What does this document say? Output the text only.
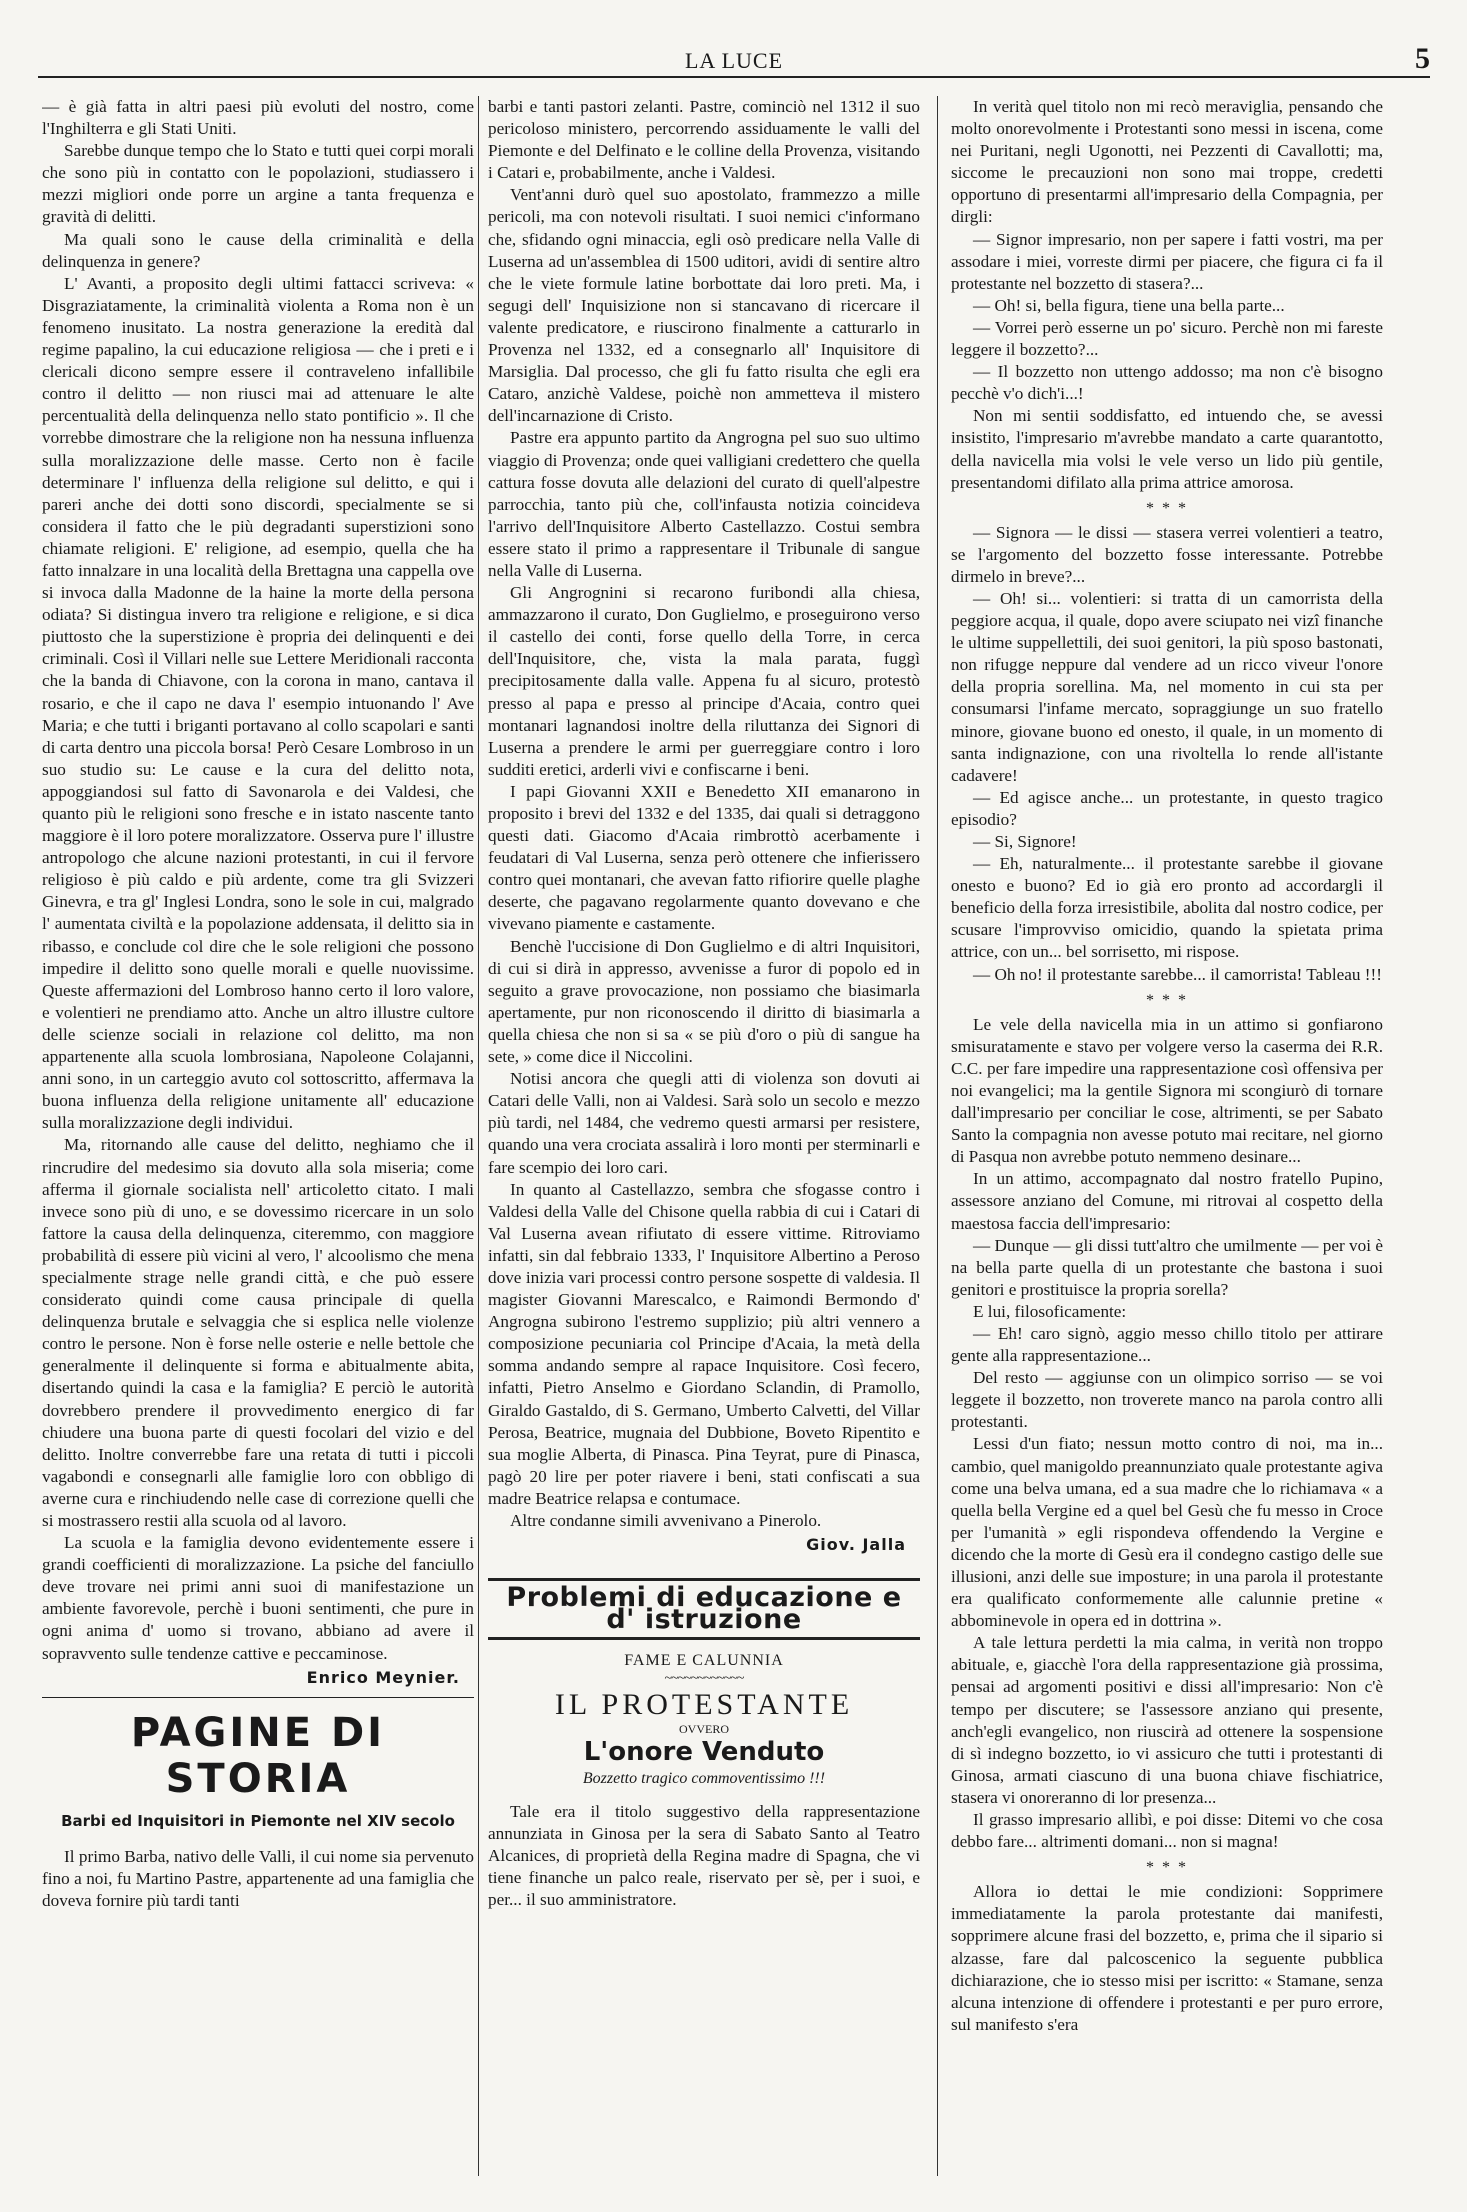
LA LUCE	5

— è già fatta in altri paesi più evoluti del nostro, come l'Inghilterra e gli Stati Uniti.

Sarebbe dunque tempo che lo Stato e tutti quei corpi morali che sono più in contatto con le popolazioni, studiassero i mezzi migliori onde porre un argine a tanta frequenza e gravità di delitti.

Ma quali sono le cause della criminalità e della delinquenza in genere?

L' Avanti, a proposito degli ultimi fattacci scriveva: « Disgraziatamente, la criminalità violenta a Roma non è un fenomeno inusitato. La nostra generazione la eredità dal regime papalino, la cui educazione religiosa — che i preti e i clericali dicono sempre essere il contraveleno infallibile contro il delitto — non riusci mai ad attenuare le alte percentualità della delinquenza nello stato pontificio ». Il che vorrebbe dimostrare che la religione non ha nessuna influenza sulla moralizzazione delle masse. Certo non è facile determinare l' influenza della religione sul delitto, e qui i pareri anche dei dotti sono discordi, specialmente se si considera il fatto che le più degradanti superstizioni sono chiamate religioni. E' religione, ad esempio, quella che ha fatto innalzare in una località della Brettagna una cappella ove si invoca dalla Madonne de la haine la morte della persona odiata? Si distingua invero tra religione e religione, e si dica piuttosto che la superstizione è propria dei delinquenti e dei criminali. Così il Villari nelle sue Lettere Meridionali racconta che la banda di Chiavone, con la corona in mano, cantava il rosario, e che il capo ne dava l' esempio intuonando l' Ave Maria; e che tutti i briganti portavano al collo scapolari e santi di carta dentro una piccola borsa! Però Cesare Lombroso in un suo studio su: Le cause e la cura del delitto nota, appoggiandosi sul fatto di Savonarola e dei Valdesi, che quanto più le religioni sono fresche e in istato nascente tanto maggiore è il loro potere moralizzatore. Osserva pure l' illustre antropologo che alcune nazioni protestanti, in cui il fervore religioso è più caldo e più ardente, come tra gli Svizzeri Ginevra, e tra gl' Inglesi Londra, sono le sole in cui, malgrado l' aumentata civiltà e la popolazione addensata, il delitto sia in ribasso, e conclude col dire che le sole religioni che possono impedire il delitto sono quelle morali e quelle nuovissime. Queste affermazioni del Lombroso hanno certo il loro valore, e volentieri ne prendiamo atto. Anche un altro illustre cultore delle scienze sociali in relazione col delitto, ma non appartenente alla scuola lombrosiana, Napoleone Colajanni, anni sono, in un carteggio avuto col sottoscritto, affermava la buona influenza della religione unitamente all' educazione sulla moralizzazione degli individui.

Ma, ritornando alle cause del delitto, neghiamo che il rincrudire del medesimo sia dovuto alla sola miseria; come afferma il giornale socialista nell' articoletto citato. I mali invece sono più di uno, e se dovessimo ricercare in un solo fattore la causa della delinquenza, citeremmo, con maggiore probabilità di essere più vicini al vero, l' alcoolismo che mena specialmente strage nelle grandi città, e che può essere considerato quindi come causa principale di quella delinquenza brutale e selvaggia che si esplica nelle violenze contro le persone. Non è forse nelle osterie e nelle bettole che generalmente il delinquente si forma e abitualmente abita, disertando quindi la casa e la famiglia? E perciò le autorità dovrebbero prendere il provvedimento energico di far chiudere una buona parte di questi focolari del vizio e del delitto. Inoltre converrebbe fare una retata di tutti i piccoli vagabondi e consegnarli alle famiglie loro con obbligo di averne cura e rinchiudendo nelle case di correzione quelli che si mostrassero restii alla scuola od al lavoro.

La scuola e la famiglia devono evidentemente essere i grandi coefficienti di moralizzazione. La psiche del fanciullo deve trovare nei primi anni suoi di manifestazione un ambiente favorevole, perchè i buoni sentimenti, che pure in ogni anima d' uomo si trovano, abbiano ad avere il sopravvento sulle tendenze cattive e peccaminose.

Enrico Meynier.
PAGINE DI STORIA
Barbi ed Inquisitori in Piemonte nel XIV secolo

Il primo Barba, nativo delle Valli, il cui nome sia pervenuto fino a noi, fu Martino Pastre, appartenente ad una famiglia che doveva fornire più tardi tanti

barbi e tanti pastori zelanti. Pastre, cominciò nel 1312 il suo pericoloso ministero, percorrendo assiduamente le valli del Piemonte e del Delfinato e le colline della Provenza, visitando i Catari e, probabilmente, anche i Valdesi.

Vent'anni durò quel suo apostolato, frammezzo a mille pericoli, ma con notevoli risultati. I suoi nemici c'informano che, sfidando ogni minaccia, egli osò predicare nella Valle di Luserna ad un'assemblea di 1500 uditori, avidi di sentire altro che le viete formule latine borbottate dai loro preti. Ma, i segugi dell' Inquisizione non si stancavano di ricercare il valente predicatore, e riuscirono finalmente a catturarlo in Provenza nel 1332, ed a consegnarlo all' Inquisitore di Marsiglia. Dal processo, che gli fu fatto risulta che egli era Cataro, anzichè Valdese, poichè non ammetteva il mistero dell'incarnazione di Cristo.

Pastre era appunto partito da Angrogna pel suo suo ultimo viaggio di Provenza; onde quei valligiani credettero che quella cattura fosse dovuta alle delazioni del curato di quell'alpestre parrocchia, tanto più che, coll'infausta notizia coincideva l'arrivo dell'Inquisitore Alberto Castellazzo. Costui sembra essere stato il primo a rappresentare il Tribunale di sangue nella Valle di Luserna.

Gli Angrognini si recarono furibondi alla chiesa, ammazzarono il curato, Don Guglielmo, e proseguirono verso il castello dei conti, forse quello della Torre, in cerca dell'Inquisitore, che, vista la mala parata, fuggì precipitosamente dalla valle. Appena fu al sicuro, protestò presso al papa e presso al principe d'Acaia, contro quei montanari lagnandosi inoltre della riluttanza dei Signori di Luserna a prendere le armi per guerreggiare contro i loro sudditi eretici, arderli vivi e confiscarne i beni.

I papi Giovanni XXII e Benedetto XII emanarono in proposito i brevi del 1332 e del 1335, dai quali si detraggono questi dati. Giacomo d'Acaia rimbrottò acerbamente i feudatari di Val Luserna, senza però ottenere che infierissero contro quei montanari, che avevan fatto rifiorire quelle plaghe deserte, che pagavano regolarmente quanto dovevano e che vivevano piamente e castamente.

Benchè l'uccisione di Don Guglielmo e di altri Inquisitori, di cui si dirà in appresso, avvenisse a furor di popolo ed in seguito a grave provocazione, non possiamo che biasimarla apertamente, pur non riconoscendo il diritto di biasimarla a quella chiesa che non si sa « se più d'oro o più di sangue ha sete, » come dice il Niccolini.

Notisi ancora che quegli atti di violenza son dovuti ai Catari delle Valli, non ai Valdesi. Sarà solo un secolo e mezzo più tardi, nel 1484, che vedremo questi armarsi per resistere, quando una vera crociata assalirà i loro monti per sterminarli e fare scempio dei loro cari.

In quanto al Castellazzo, sembra che sfogasse contro i Valdesi della Valle del Chisone quella rabbia di cui i Catari di Val Luserna avean rifiutato di essere vittime. Ritroviamo infatti, sin dal febbraio 1333, l' Inquisitore Albertino a Peroso dove inizia vari processi contro persone sospette di valdesia. Il magister Giovanni Marescalco, e Raimondi Bermondo d' Angrogna subirono l'estremo supplizio; più altri vennero a composizione pecuniaria col Principe d'Acaia, la metà della somma andando sempre al rapace Inquisitore. Così fecero, infatti, Pietro Anselmo e Giordano Sclandin, di Pramollo, Giraldo Gastaldo, di S. Germano, Umberto Calvetti, del Villar Perosa, Beatrice, mugnaia del Dubbione, Boveto Ripentito e sua moglie Alberta, di Pinasca. Pina Teyrat, pure di Pinasca, pagò 20 lire per poter riavere i beni, stati confiscati a sua madre Beatrice relapsa e contumace.

Altre condanne simili avvenivano a Pinerolo.

Giov. Jalla
Problemi di educazione e d' istruzione
FAME E CALUNNIA
~~~~~~~~~~~~
IL PROTESTANTE
OVVERO
L'onore Venduto
Bozzetto tragico commoventissimo !!!

Tale era il titolo suggestivo della rappresentazione annunziata in Ginosa per la sera di Sabato Santo al Teatro Alcanices, di proprietà della Regina madre di Spagna, che vi tiene finanche un palco reale, riservato per sè, per i suoi, e per... il suo amministratore.

In verità quel titolo non mi recò meraviglia, pensando che molto onorevolmente i Protestanti sono messi in iscena, come nei Puritani, negli Ugonotti, nei Pezzenti di Cavallotti; ma, siccome le precauzioni non sono mai troppe, credetti opportuno di presentarmi all'impresario della Compagnia, per dirgli:

— Signor impresario, non per sapere i fatti vostri, ma per assodare i miei, vorreste dirmi per piacere, che figura ci fa il protestante nel bozzetto di stasera?...

— Oh! si, bella figura, tiene una bella parte...

— Vorrei però esserne un po' sicuro. Perchè non mi fareste leggere il bozzetto?...

— Il bozzetto non uttengo addosso; ma non c'è bisogno pecchè v'o dich'i...!

Non mi sentii soddisfatto, ed intuendo che, se avessi insistito, l'impresario m'avrebbe mandato a carte quarantotto, della navicella mia volsi le vele verso un lido più gentile, presentandomi difilato alla prima attrice amorosa.

* * *

— Signora — le dissi — stasera verrei volentieri a teatro, se l'argomento del bozzetto fosse interessante. Potrebbe dirmelo in breve?...

— Oh! si... volentieri: si tratta di un camorrista della peggiore acqua, il quale, dopo avere sciupato nei vizî finanche le ultime suppellettili, dei suoi genitori, la più sposo bastonati, non rifugge neppure dal vendere ad un ricco viveur l'onore della propria sorellina. Ma, nel momento in cui sta per consumarsi l'infame mercato, sopraggiunge un suo fratello minore, giovane buono ed onesto, il quale, in un momento di santa indignazione, con una rivoltella lo rende all'istante cadavere!

— Ed agisce anche... un protestante, in questo tragico episodio?

— Si, Signore!

— Eh, naturalmente... il protestante sarebbe il giovane onesto e buono? Ed io già ero pronto ad accordargli il beneficio della forza irresistibile, abolita dal nostro codice, per scusare l'improvviso omicidio, quando la spietata prima attrice, con un... bel sorrisetto, mi rispose.

— Oh no! il protestante sarebbe... il camorrista! Tableau !!!

* * *

Le vele della navicella mia in un attimo si gonfiarono smisuratamente e stavo per volgere verso la caserma dei R.R. C.C. per fare impedire una rappresentazione così offensiva per noi evangelici; ma la gentile Signora mi scongiurò di tornare dall'impresario per conciliar le cose, altrimenti, se per Sabato Santo la compagnia non avesse potuto mai recitare, nel giorno di Pasqua non avrebbe potuto nemmeno desinare...

In un attimo, accompagnato dal nostro fratello Pupino, assessore anziano del Comune, mi ritrovai al cospetto della maestosa faccia dell'impresario:

— Dunque — gli dissi tutt'altro che umilmente — per voi è na bella parte quella di un protestante che bastona i suoi genitori e prostituisce la propria sorella?

E lui, filosoficamente:

— Eh! caro signò, aggio messo chillo titolo per attirare gente alla rappresentazione...

Del resto — aggiunse con un olimpico sorriso — se voi leggete il bozzetto, non troverete manco na parola contro alli protestanti.

Lessi d'un fiato; nessun motto contro di noi, ma in... cambio, quel manigoldo preannunziato quale protestante agiva come una belva umana, ed a sua madre che lo richiamava « a quella bella Vergine ed a quel bel Gesù che fu messo in Croce per l'umanità » egli rispondeva offendendo la Vergine e dicendo che la morte di Gesù era il condegno castigo delle sue illusioni, anzi delle sue imposture; in una parola il protestante era qualificato conformemente alle calunnie pretine « abbominevole in opera ed in dottrina ».

A tale lettura perdetti la mia calma, in verità non troppo abituale, e, giacchè l'ora della rappresentazione già prossima, pensai ad argomenti positivi e dissi all'impresario: Non c'è tempo per discutere; se l'assessore anziano qui presente, anch'egli evangelico, non riuscirà ad ottenere la sospensione di sì indegno bozzetto, io vi assicuro che tutti i protestanti di Ginosa, armati ciascuno di una buona chiave fischiatrice, stasera vi onoreranno di lor presenza...

Il grasso impresario allibì, e poi disse: Ditemi vo che cosa debbo fare... altrimenti domani... non si magna!

* * *

Allora io dettai le mie condizioni: Sopprimere immediatamente la parola protestante dai manifesti, sopprimere alcune frasi del bozzetto, e, prima che il sipario si alzasse, fare dal palcoscenico la seguente pubblica dichiarazione, che io stesso misi per iscritto: « Stamane, senza alcuna intenzione di offendere i protestanti e per puro errore, sul manifesto s'era
